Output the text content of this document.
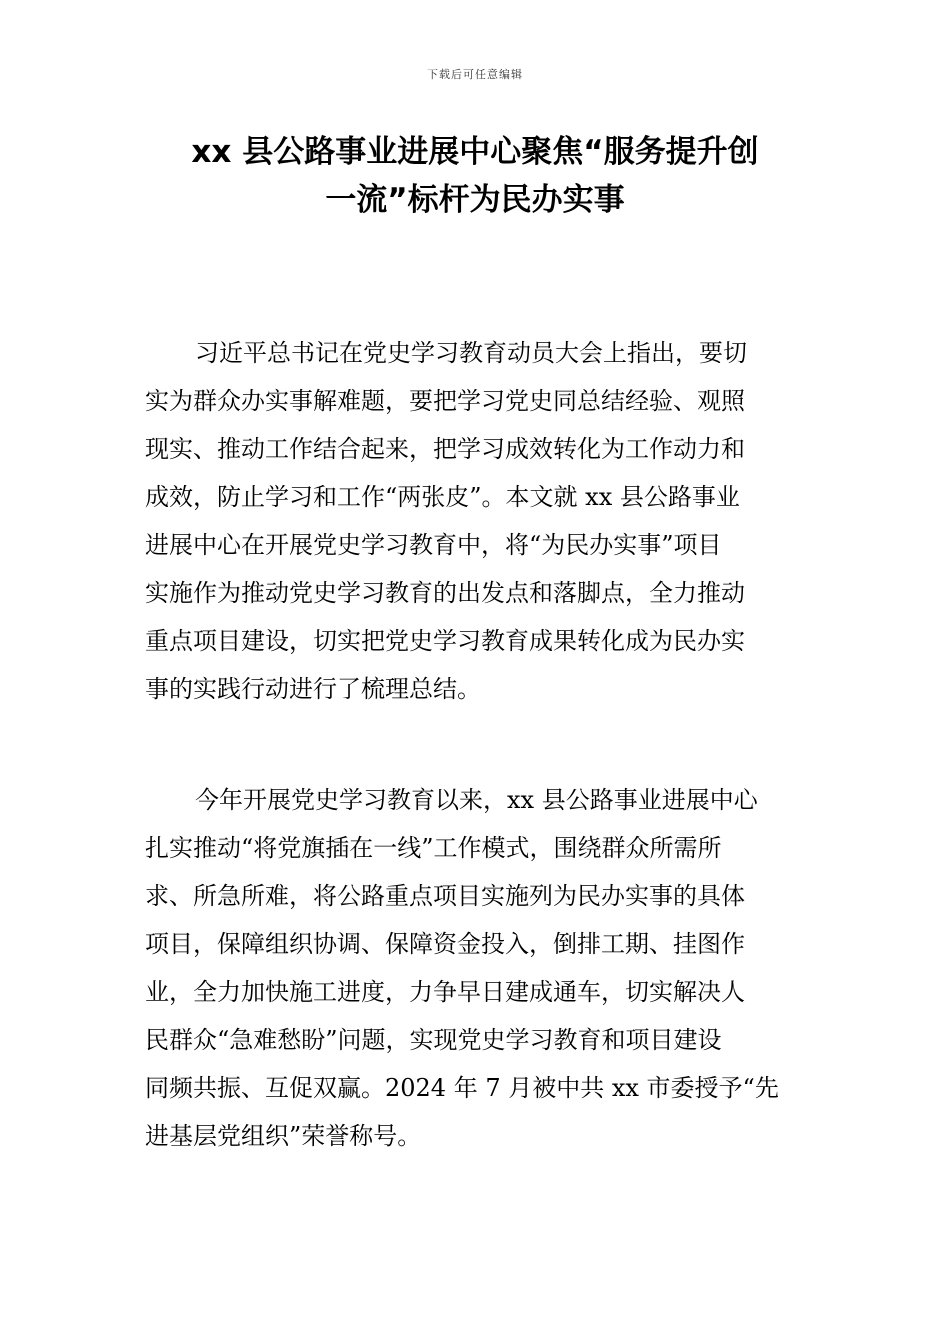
下载后可任意编辑
xx 县公路事业进展中心聚焦“服务提升创
一流”标杆为民办实事
习近平总书记在党史学习教育动员大会上指出，要切
实为群众办实事解难题，要把学习党史同总结经验、观照
现实、推动工作结合起来，把学习成效转化为工作动力和
成效，防止学习和工作“两张皮”。本文就 xx 县公路事业
进展中心在开展党史学习教育中，将“为民办实事”项目
实施作为推动党史学习教育的出发点和落脚点，全力推动
重点项目建设，切实把党史学习教育成果转化成为民办实
事的实践行动进行了梳理总结。
今年开展党史学习教育以来，xx 县公路事业进展中心
扎实推动“将党旗插在一线”工作模式，围绕群众所需所
求、所急所难，将公路重点项目实施列为民办实事的具体
项目，保障组织协调、保障资金投入，倒排工期、挂图作
业，全力加快施工进度，力争早日建成通车，切实解决人
民群众“急难愁盼”问题，实现党史学习教育和项目建设
同频共振、互促双赢。2024 年 7 月被中共 xx 市委授予“先
进基层党组织”荣誉称号。
